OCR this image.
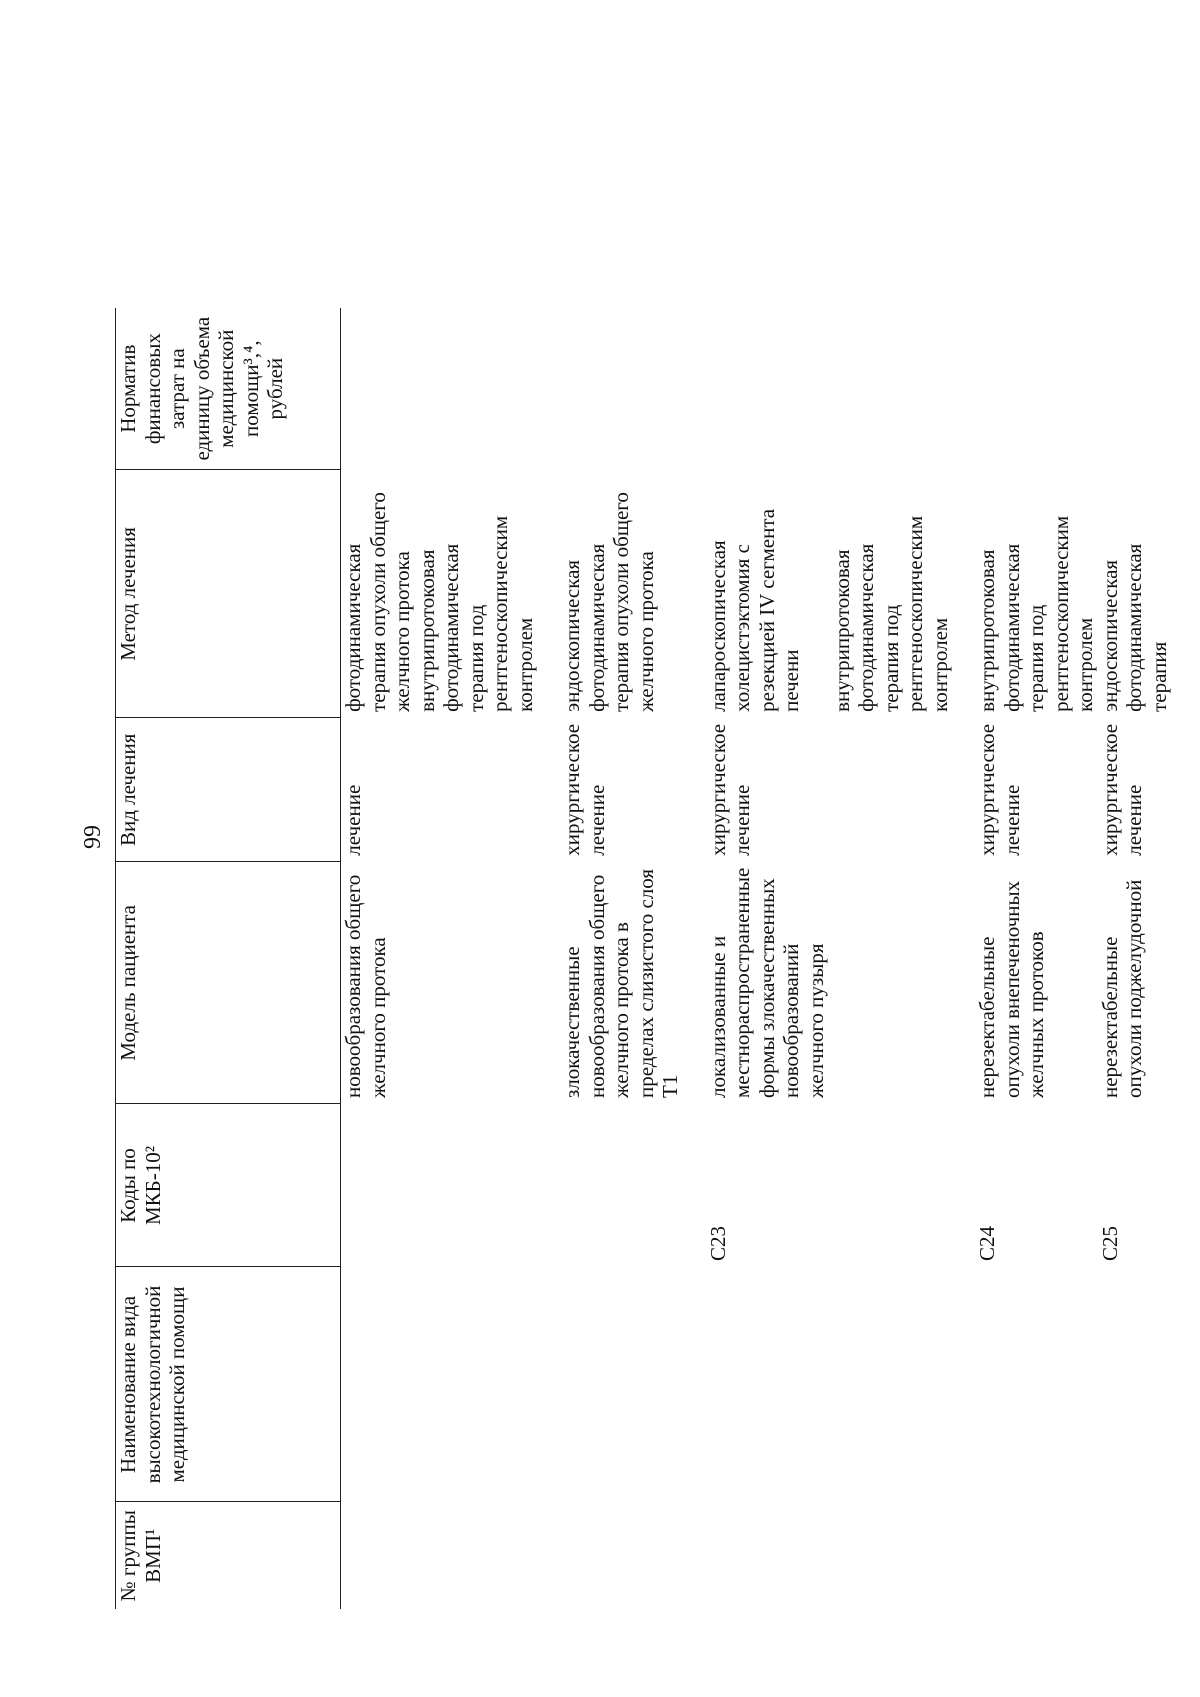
99
№ группы ВМП¹	Наименование вида высокотехнологичной медицинской помощи	Коды по МКБ-10²	Модель пациента	Вид лечения	Метод лечения	Норматив финансовых затрат на единицу объема медицинской помощи³,⁴, рублей
			новообразования общего желчного протока	лечение	фотодинамическая терапия опухоли общего желчного протока внутрипротоковая фотодинамическая терапия под рентгеноскопическим контролем	

			злокачественные новообразования общего желчного протока в пределах слизистого слоя T1	хирургическое лечение	эндоскопическая фотодинамическая терапия опухоли общего желчного протока	

		C23	локализованные и местнораспространенные формы злокачественных новообразований желчного пузыря	хирургическое лечение	лапароскопическая холецистэктомия с резекцией IV сегмента печени внутрипротоковая фотодинамическая терапия под рентгеноскопическим контролем	

		C24	нерезектабельные опухоли внепеченочных желчных протоков	хирургическое лечение	внутрипротоковая фотодинамическая терапия под рентгеноскопическим контролем	

		C25	нерезектабельные опухоли поджелудочной	хирургическое лечение	эндоскопическая фотодинамическая терапия	
